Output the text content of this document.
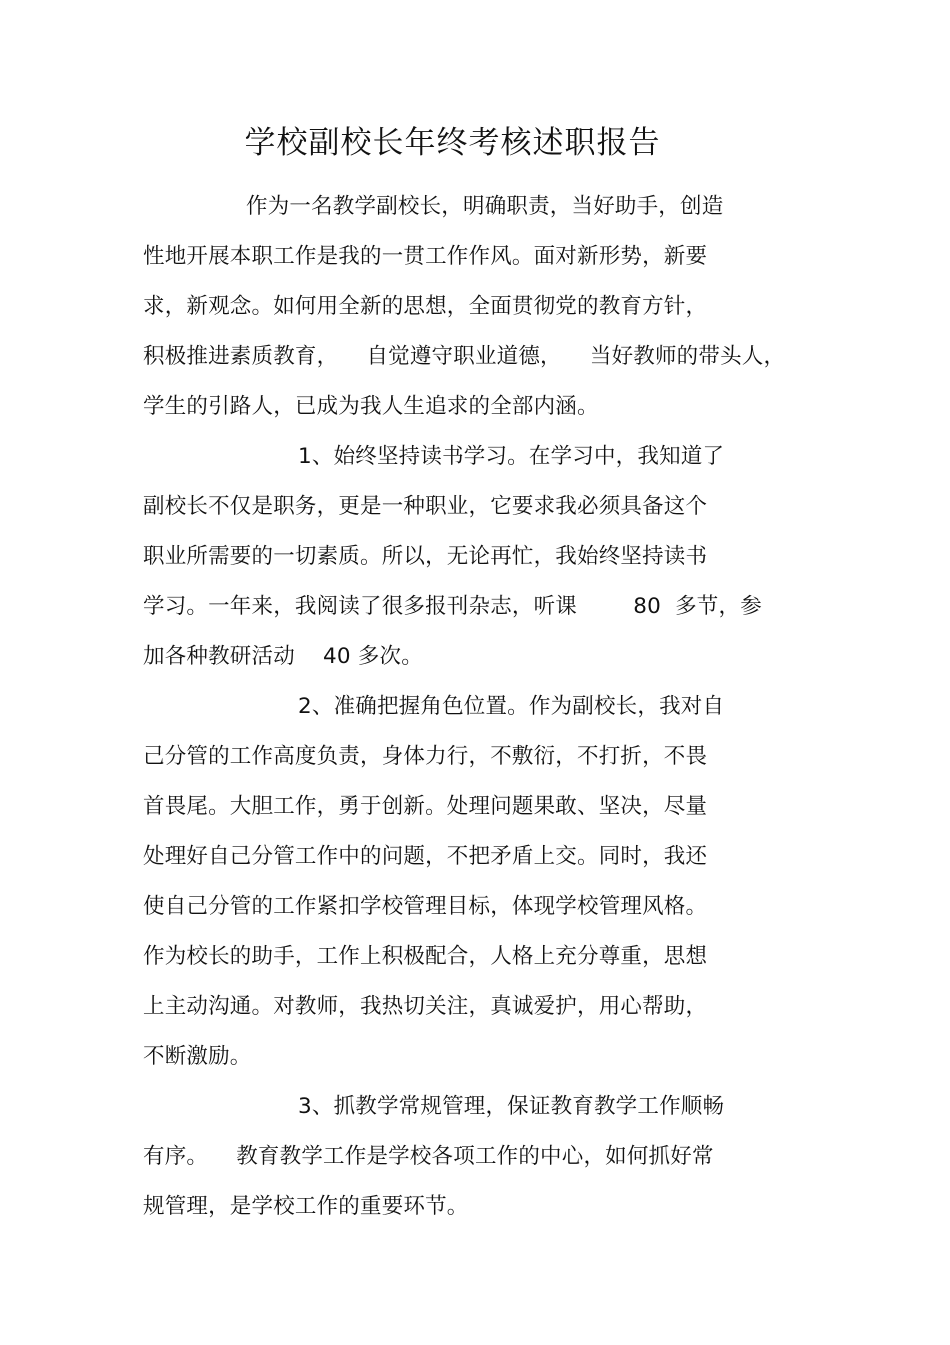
学校副校长年终考核述职报告
作为一名教学副校长，明确职责，当好助手，创造
性地开展本职工作是我的一贯工作作风。面对新形势，新要
求，新观念。如何用全新的思想，全面贯彻党的教育方针，
积极推进素质教育，    自觉遵守职业道德，    当好教师的带头人，
学生的引路人，已成为我人生追求的全部内涵。
1、始终坚持读书学习。在学习中，我知道了
副校长不仅是职务，更是一种职业，它要求我必须具备这个
职业所需要的一切素质。所以，无论再忙，我始终坚持读书
学习。一年来，我阅读了很多报刊杂志，听课        80  多节，参
加各种教研活动    40 多次。
2、准确把握角色位置。作为副校长，我对自
己分管的工作高度负责，身体力行，不敷衍，不打折，不畏
首畏尾。大胆工作，勇于创新。处理问题果敢、坚决，尽量
处理好自己分管工作中的问题，不把矛盾上交。同时，我还
使自己分管的工作紧扣学校管理目标，体现学校管理风格。
作为校长的助手，工作上积极配合，人格上充分尊重，思想
上主动沟通。对教师，我热切关注，真诚爱护，用心帮助，
不断激励。
3、抓教学常规管理，保证教育教学工作顺畅
有序。    教育教学工作是学校各项工作的中心，如何抓好常
规管理，是学校工作的重要环节。
